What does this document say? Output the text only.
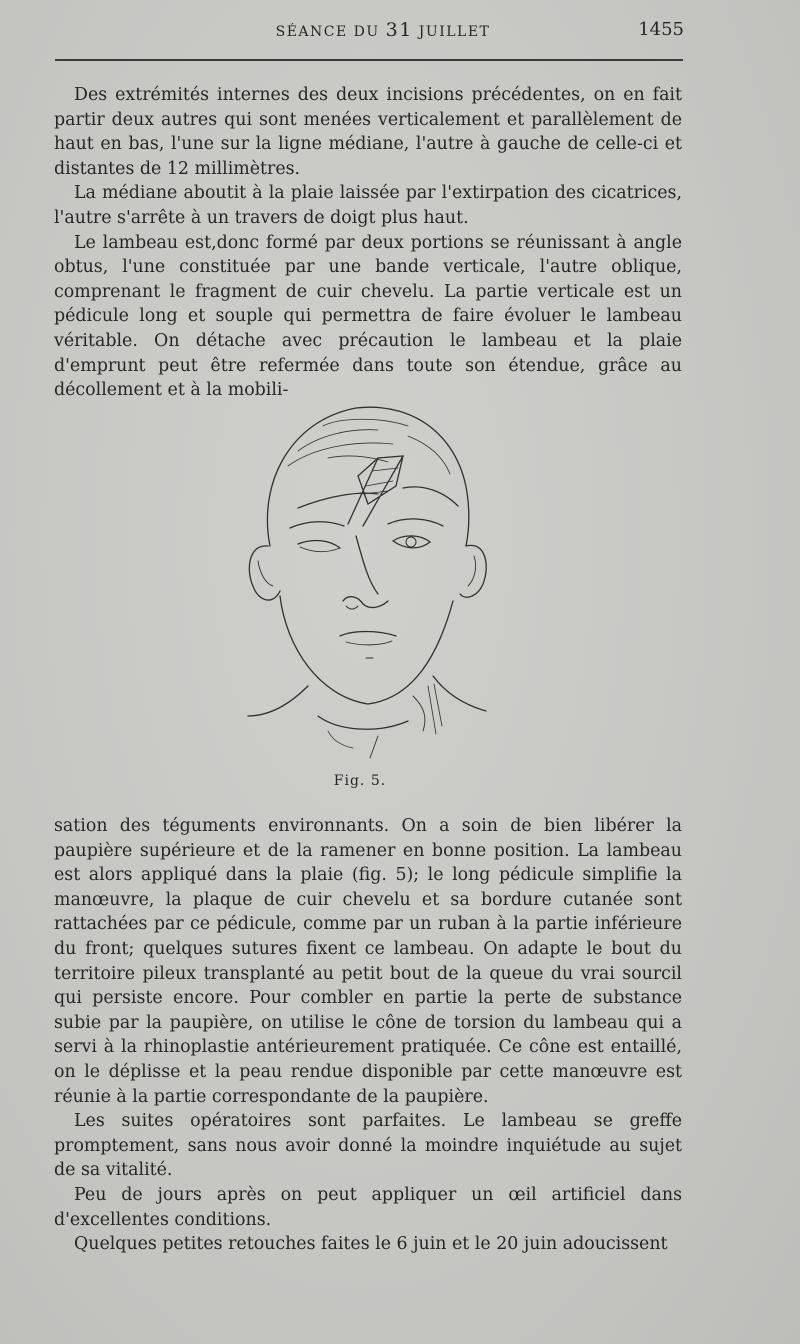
SÉANCE DU 31 JUILLET	1455

Des extrémités internes des deux incisions précédentes, on en fait partir deux autres qui sont menées verticalement et parallèlement de haut en bas, l'une sur la ligne médiane, l'autre à gauche de celle-ci et distantes de 12 millimètres.

La médiane aboutit à la plaie laissée par l'extirpation des cicatrices, l'autre s'arrête à un travers de doigt plus haut.

Le lambeau est,donc formé par deux portions se réunissant à angle obtus, l'une constituée par une bande verticale, l'autre oblique, comprenant le fragment de cuir chevelu. La partie verticale est un pédicule long et souple qui permettra de faire évoluer le lambeau véritable. On détache avec précaution le lambeau et la plaie d'emprunt peut être refermée dans toute son étendue, grâce au décollement et à la mobili-

Fig. 5.

sation des téguments environnants. On a soin de bien libérer la paupière supérieure et de la ramener en bonne position. La lambeau est alors appliqué dans la plaie (fig. 5); le long pédicule simplifie la manœuvre, la plaque de cuir chevelu et sa bordure cutanée sont rattachées par ce pédicule, comme par un ruban à la partie inférieure du front; quelques sutures fixent ce lambeau. On adapte le bout du territoire pileux transplanté au petit bout de la queue du vrai sourcil qui persiste encore. Pour combler en partie la perte de substance subie par la paupière, on utilise le cône de torsion du lambeau qui a servi à la rhinoplastie antérieurement pratiquée. Ce cône est entaillé, on le déplisse et la peau rendue disponible par cette manœuvre est réunie à la partie correspondante de la paupière.

Les suites opératoires sont parfaites. Le lambeau se greffe promptement, sans nous avoir donné la moindre inquiétude au sujet de sa vitalité.

Peu de jours après on peut appliquer un œil artificiel dans d'excellentes conditions.

Quelques petites retouches faites le 6 juin et le 20 juin adoucissent
